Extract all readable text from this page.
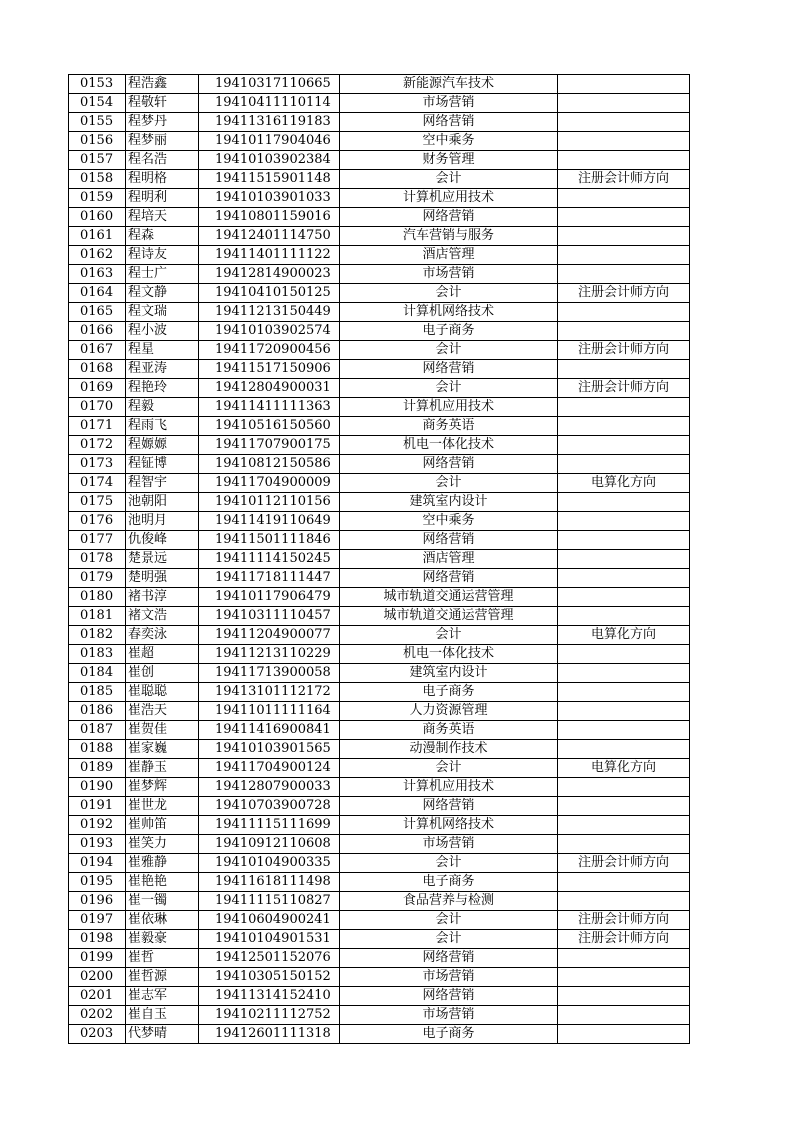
0153	程浩鑫	19410317110665	新能源汽车技术	
0154	程敬轩	19410411110114	市场营销	
0155	程梦丹	19411316119183	网络营销	
0156	程梦丽	19410117904046	空中乘务	
0157	程名浩	19410103902384	财务管理	
0158	程明格	19411515901148	会计	注册会计师方向
0159	程明利	19410103901033	计算机应用技术	
0160	程培天	19410801159016	网络营销	
0161	程森	19412401114750	汽车营销与服务	
0162	程诗友	19411401111122	酒店管理	
0163	程士广	19412814900023	市场营销	
0164	程文静	19410410150125	会计	注册会计师方向
0165	程文瑞	19411213150449	计算机网络技术	
0166	程小波	19410103902574	电子商务	
0167	程星	19411720900456	会计	注册会计师方向
0168	程亚涛	19411517150906	网络营销	
0169	程艳玲	19412804900031	会计	注册会计师方向
0170	程毅	19411411111363	计算机应用技术	
0171	程雨飞	19410516150560	商务英语	
0172	程嫄嫄	19411707900175	机电一体化技术	
0173	程钲博	19410812150586	网络营销	
0174	程智宇	19411704900009	会计	电算化方向
0175	池朝阳	19410112110156	建筑室内设计	
0176	池明月	19411419110649	空中乘务	
0177	仇俊峰	19411501111846	网络营销	
0178	楚景远	19411114150245	酒店管理	
0179	楚明强	19411718111447	网络营销	
0180	褚书淳	19410117906479	城市轨道交通运营管理	
0181	褚文浩	19410311110457	城市轨道交通运营管理	
0182	春奕泳	19411204900077	会计	电算化方向
0183	崔超	19411213110229	机电一体化技术	
0184	崔创	19411713900058	建筑室内设计	
0185	崔聪聪	19413101112172	电子商务	
0186	崔浩天	19411011111164	人力资源管理	
0187	崔贺佳	19411416900841	商务英语	
0188	崔家巍	19410103901565	动漫制作技术	
0189	崔静玉	19411704900124	会计	电算化方向
0190	崔梦辉	19412807900033	计算机应用技术	
0191	崔世龙	19410703900728	网络营销	
0192	崔帅笛	19411115111699	计算机网络技术	
0193	崔笑力	19410912110608	市场营销	
0194	崔雅静	19410104900335	会计	注册会计师方向
0195	崔艳艳	19411618111498	电子商务	
0196	崔一镯	19411115110827	食品营养与检测	
0197	崔依琳	19410604900241	会计	注册会计师方向
0198	崔毅豪	19410104901531	会计	注册会计师方向
0199	崔哲	19412501152076	网络营销	
0200	崔哲源	19410305150152	市场营销	
0201	崔志军	19411314152410	网络营销	
0202	崔自玉	19410211112752	市场营销	
0203	代梦晴	19412601111318	电子商务	
